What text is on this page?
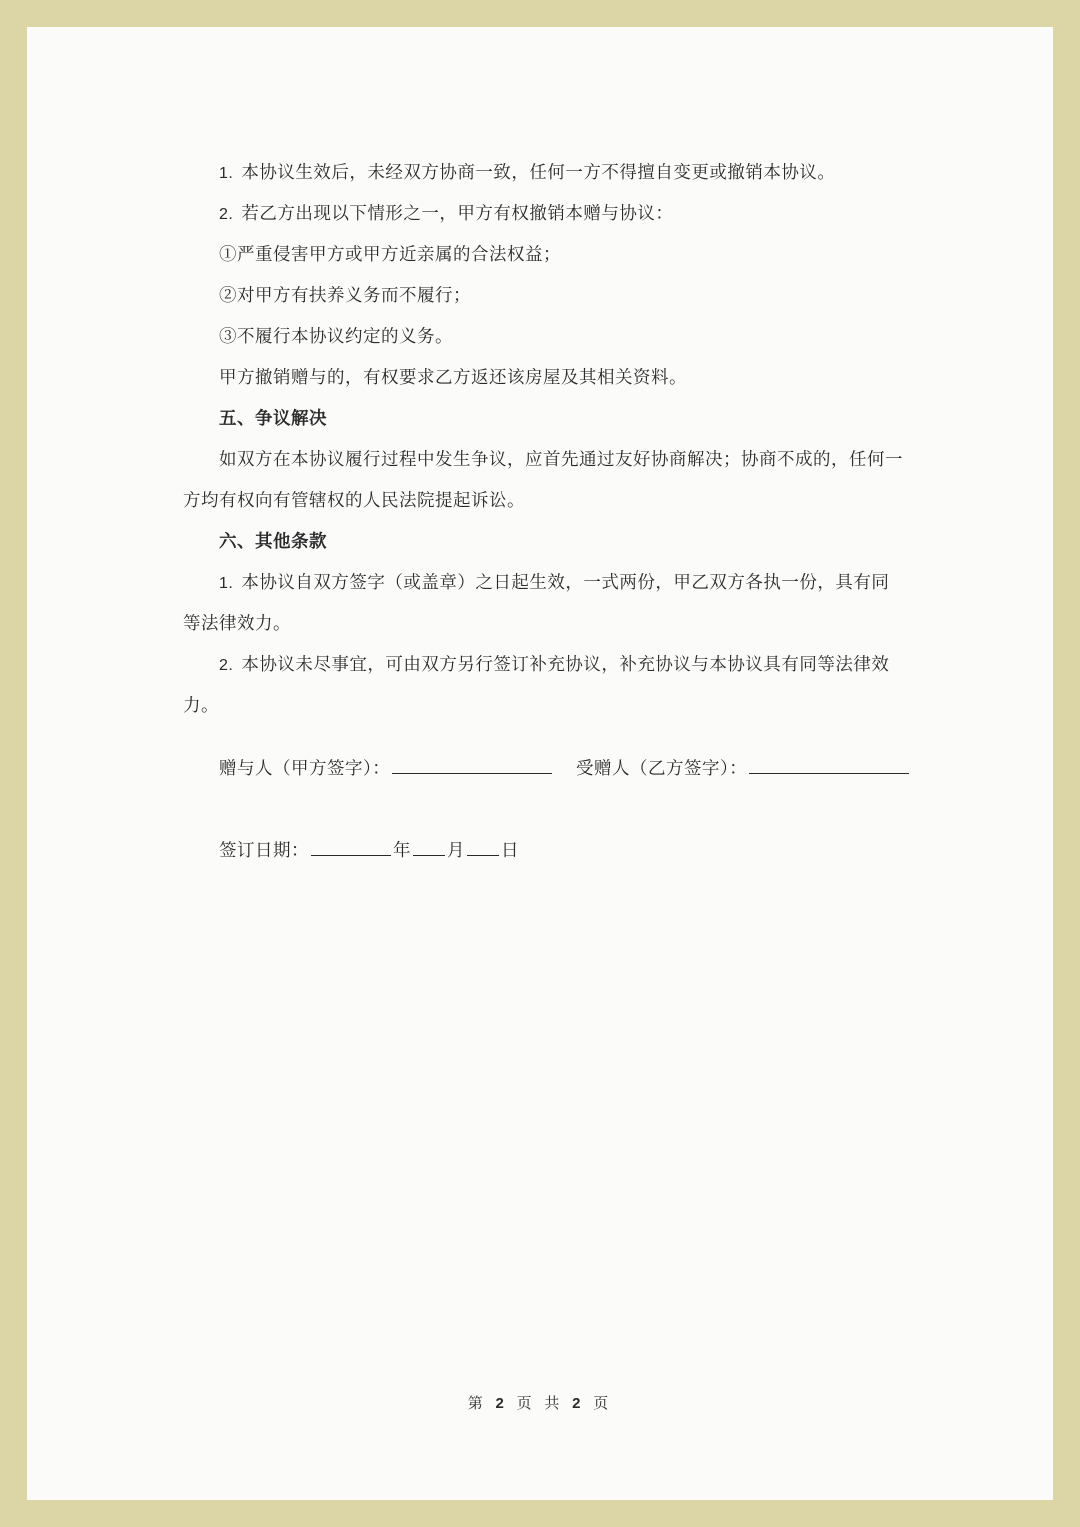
1. 本协议生效后，未经双方协商一致，任何一方不得擅自变更或撤销本协议。
2. 若乙方出现以下情形之一，甲方有权撤销本赠与协议：
①严重侵害甲方或甲方近亲属的合法权益；
②对甲方有扶养义务而不履行；
③不履行本协议约定的义务。
甲方撤销赠与的，有权要求乙方返还该房屋及其相关资料。
五、争议解决
如双方在本协议履行过程中发生争议，应首先通过友好协商解决；协商不成的，任何一
方均有权向有管辖权的人民法院提起诉讼。
六、其他条款
1. 本协议自双方签字（或盖章）之日起生效，一式两份，甲乙双方各执一份，具有同
等法律效力。
2. 本协议未尽事宜，可由双方另行签订补充协议，补充协议与本协议具有同等法律效
力。
赠与人（甲方签字）：	受赠人（乙方签字）：
签订日期：	年 月 日
第 2 页 共 2 页
